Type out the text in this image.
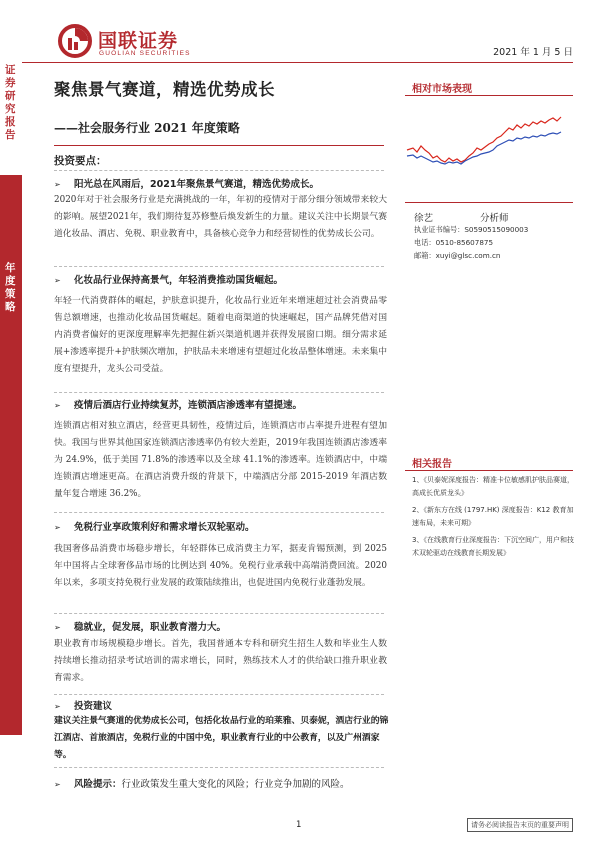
国联证券
GUOLIAN SECURITIES	2021 年 1 月 5 日
证券研究报告
年度策略
聚焦景气赛道，精选优势成长
——社会服务行业 2021 年度策略
投资要点：
➢ 阳光总在风雨后，2021年聚焦景气赛道，精选优势成长。
2020年对于社会服务行业是充满挑战的一年，年初的疫情对于部分细分领域带来较大的影响。展望2021年，我们期待复苏修整后焕发新生的力量。建议关注中长期景气赛道化妆品、酒店、免税、职业教育中，具备核心竞争力和经营韧性的优势成长公司。
➢ 化妆品行业保持高景气，年轻消费推动国货崛起。
年轻一代消费群体的崛起，护肤意识提升，化妆品行业近年来增速超过社会消费品零售总额增速，也推动化妆品国货崛起。随着电商渠道的快速崛起，国产品牌凭借对国内消费者偏好的更深度理解率先把握住新兴渠道机遇并获得发展窗口期。细分需求延展+渗透率提升+护肤频次增加，护肤品未来增速有望超过化妆品整体增速。未来集中度有望提升，龙头公司受益。
➢ 疫情后酒店行业持续复苏，连锁酒店渗透率有望提速。
连锁酒店相对独立酒店，经营更具韧性，疫情过后，连锁酒店市占率提升进程有望加快。我国与世界其他国家连锁酒店渗透率仍有较大差距，2019年我国连锁酒店渗透率为 24.9%，低于美国 71.8%的渗透率以及全球 41.1%的渗透率。连锁酒店中，中端连锁酒店增速更高。在酒店消费升级的背景下，中端酒店分部 2015-2019 年酒店数量年复合增速 36.2%。
➢ 免税行业享政策利好和需求增长双轮驱动。
我国奢侈品消费市场稳步增长，年轻群体已成消费主力军，据麦肯锡预测，到 2025 年中国将占全球奢侈品市场的比例达到 40%。免税行业承载中高端消费回流。2020 年以来，多项支持免税行业发展的政策陆续推出，也促进国内免税行业蓬勃发展。
➢ 稳就业，促发展，职业教育潜力大。
职业教育市场规模稳步增长。首先，我国普通本专科和研究生招生人数和毕业生人数持续增长推动招录考试培训的需求增长，同时，熟练技术人才的供给缺口推升职业教育需求。
➢ 投资建议
建议关注景气赛道的优势成长公司，包括化妆品行业的珀莱雅、贝泰妮，酒店行业的锦江酒店、首旅酒店，免税行业的中国中免，职业教育行业的中公教育，以及广州酒家等。
➢ 风险提示：行业政策发生重大变化的风险；行业竞争加剧的风险。
相对市场表现
徐艺	分析师
执业证书编号：S0590515090003
电话：0510-85607875
邮箱：xuyi@glsc.com.cn
相关报告
1、《贝泰妮深度报告：精准卡位敏感肌护肤品赛道，高成长优质龙头》
2、《新东方在线 (1797.HK) 深度报告：K12 教育加速布局，未来可期》
3、《在线教育行业深度报告：下沉空间广，用户和技术双轮驱动在线教育长期发展》
1	请务必阅读报告末页的重要声明
